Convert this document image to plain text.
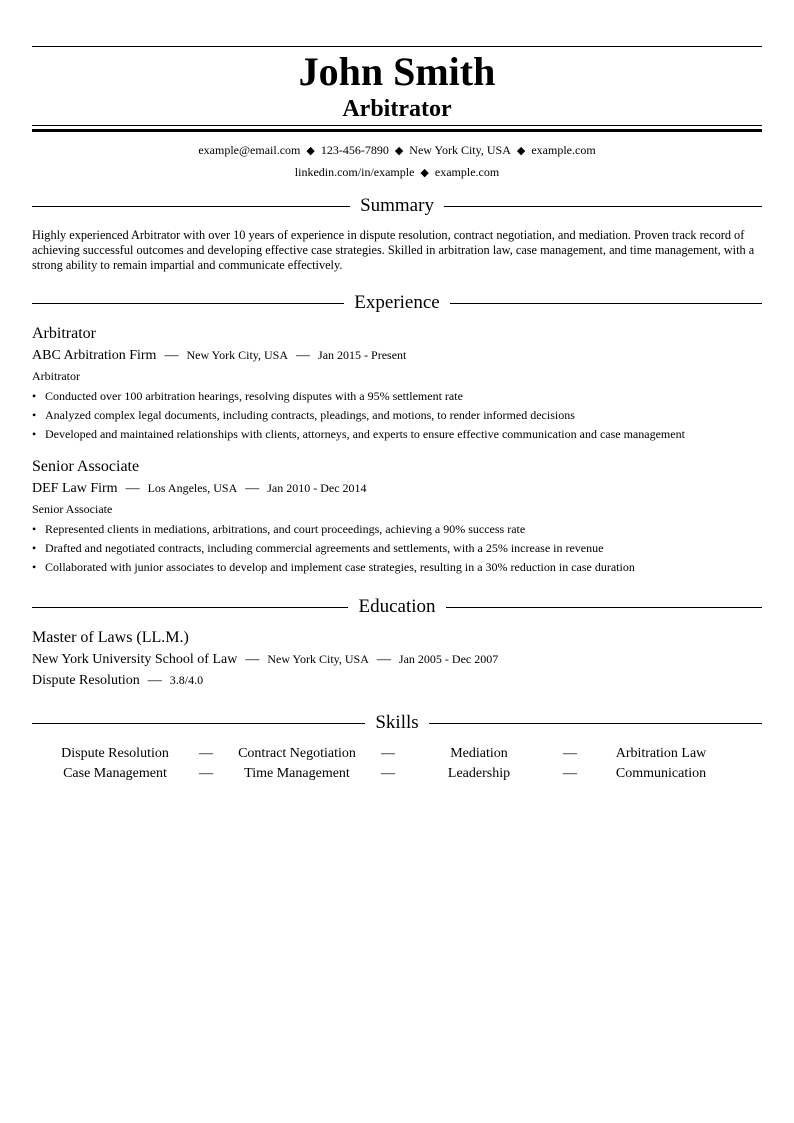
John Smith
Arbitrator
example@email.com ◆ 123-456-7890 ◆ New York City, USA ◆ example.com
linkedin.com/in/example ◆ example.com
Summary
Highly experienced Arbitrator with over 10 years of experience in dispute resolution, contract negotiation, and mediation. Proven track record of achieving successful outcomes and developing effective case strategies. Skilled in arbitration law, case management, and time management, with a strong ability to remain impartial and communicate effectively.
Experience
Arbitrator
ABC Arbitration Firm — New York City, USA — Jan 2015 - Present
Arbitrator
• Conducted over 100 arbitration hearings, resolving disputes with a 95% settlement rate
• Analyzed complex legal documents, including contracts, pleadings, and motions, to render informed decisions
• Developed and maintained relationships with clients, attorneys, and experts to ensure effective communication and case management
Senior Associate
DEF Law Firm — Los Angeles, USA — Jan 2010 - Dec 2014
Senior Associate
• Represented clients in mediations, arbitrations, and court proceedings, achieving a 90% success rate
• Drafted and negotiated contracts, including commercial agreements and settlements, with a 25% increase in revenue
• Collaborated with junior associates to develop and implement case strategies, resulting in a 30% reduction in case duration
Education
Master of Laws (LL.M.)
New York University School of Law — New York City, USA — Jan 2005 - Dec 2007
Dispute Resolution — 3.8/4.0
Skills
Dispute Resolution	—	Contract Negotiation	—	Mediation	—	Arbitration Law
Case Management	—	Time Management	—	Leadership	—	Communication
